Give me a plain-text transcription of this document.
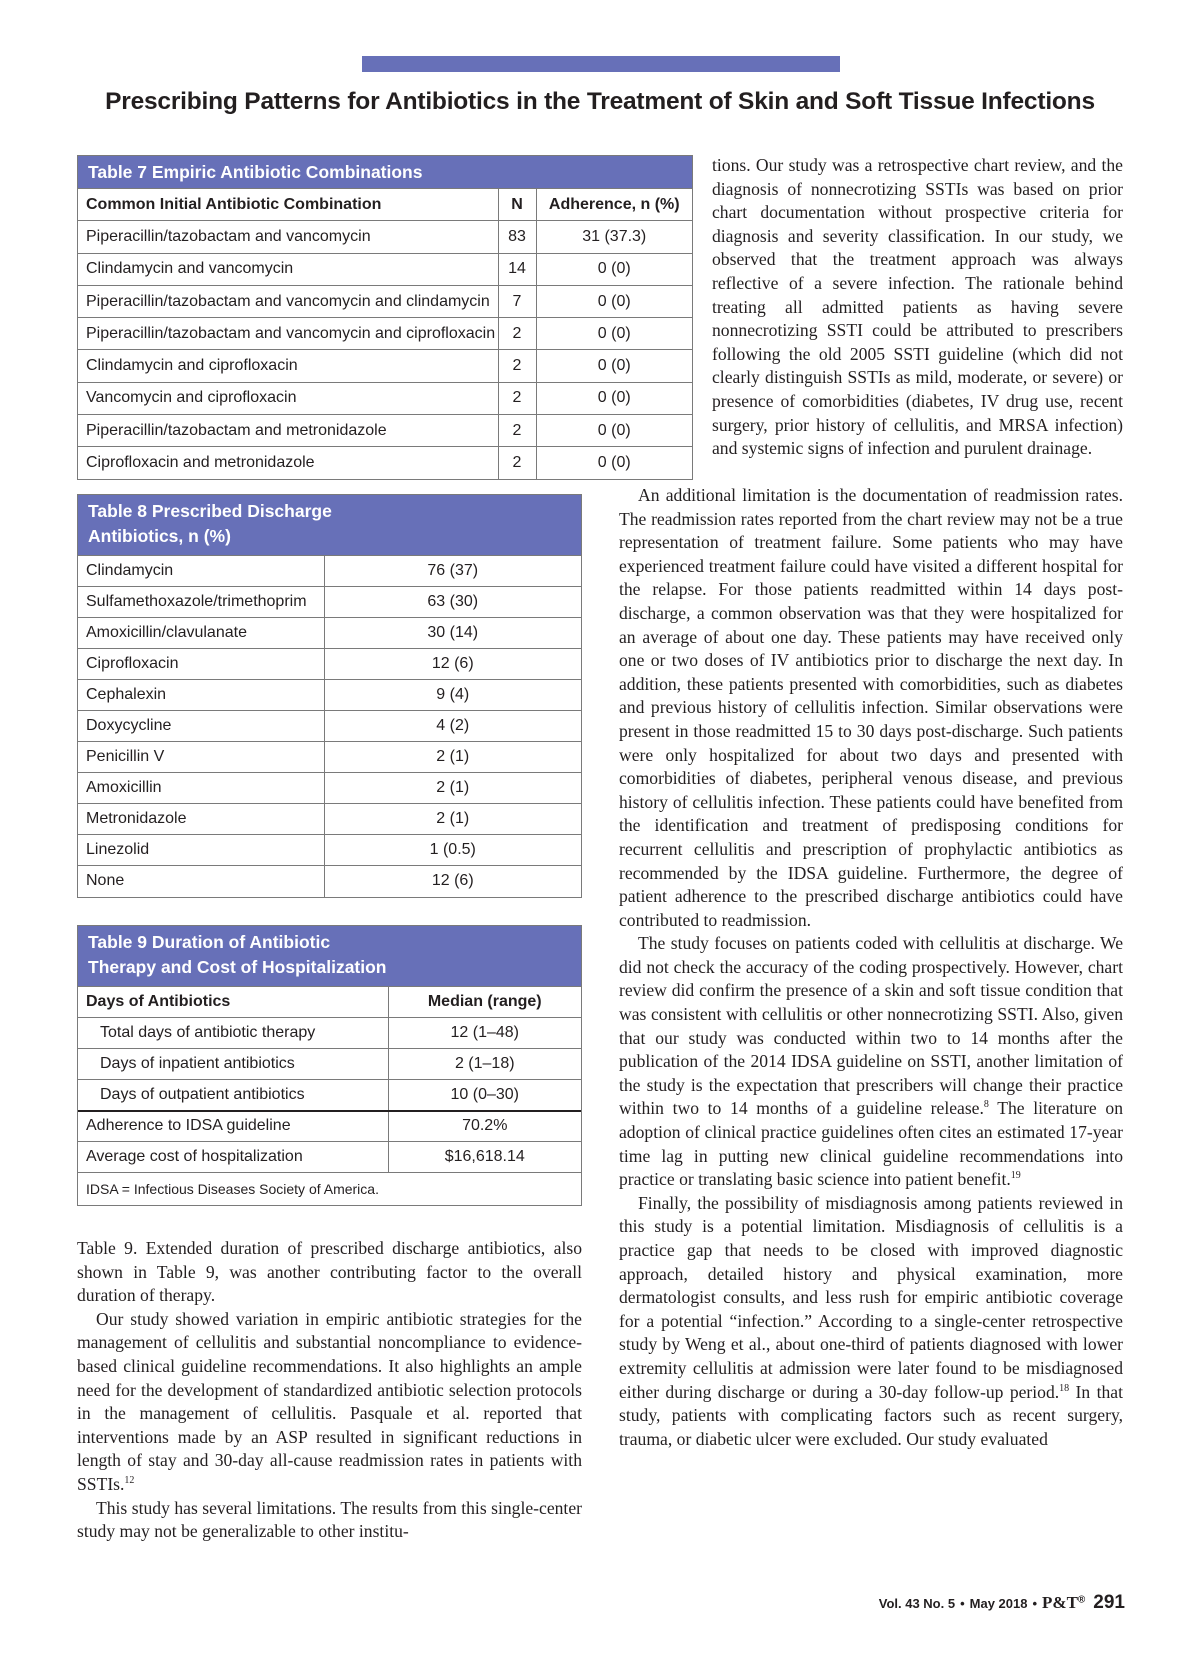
Prescribing Patterns for Antibiotics in the Treatment of Skin and Soft Tissue Infections
Table 7 Empiric Antibiotic Combinations
Common Initial Antibiotic Combination	N	Adherence, n (%)
Piperacillin/tazobactam and vancomycin	83	31 (37.3)
Clindamycin and vancomycin	14	0 (0)
Piperacillin/tazobactam and vancomycin and clindamycin	7	0 (0)
Piperacillin/tazobactam and vancomycin and ciprofloxacin	2	0 (0)
Clindamycin and ciprofloxacin	2	0 (0)
Vancomycin and ciprofloxacin	2	0 (0)
Piperacillin/tazobactam and metronidazole	2	0 (0)
Ciprofloxacin and metronidazole	2	0 (0)
Table 8 Prescribed Discharge
Antibiotics, n (%)
Clindamycin	76 (37)
Sulfamethoxazole/trimethoprim	63 (30)
Amoxicillin/clavulanate	30 (14)
Ciprofloxacin	12 (6)
Cephalexin	9 (4)
Doxycycline	4 (2)
Penicillin V	2 (1)
Amoxicillin	2 (1)
Metronidazole	2 (1)
Linezolid	1 (0.5)
None	12 (6)
Table 9 Duration of Antibiotic
Therapy and Cost of Hospitalization
Days of Antibiotics	Median (range)
Total days of antibiotic therapy	12 (1–48)
Days of inpatient antibiotics	2 (1–18)
Days of outpatient antibiotics	10 (0–30)
Adherence to IDSA guideline	70.2%
Average cost of hospitalization	$16,618.14
IDSA = Infectious Diseases Society of America.	

tions. Our study was a retrospective chart review, and the diagnosis of nonnecrotizing SSTIs was based on prior chart documentation without prospective criteria for diagnosis and severity classification. In our study, we observed that the treatment approach was always reflective of a severe infection. The rationale behind treating all admitted patients as having severe nonnecrotizing SSTI could be attributed to prescribers following the old 2005 SSTI guideline (which did not clearly distinguish SSTIs as mild, moderate, or severe) or presence of comorbidities (diabetes, IV drug use, recent surgery, prior history of cellulitis, and MRSA infection) and systemic signs of infection and purulent drainage.

An additional limitation is the documentation of readmission rates. The readmission rates reported from the chart review may not be a true representation of treatment failure. Some patients who may have experienced treatment failure could have visited a different hospital for the relapse. For those patients readmitted within 14 days post-discharge, a common observation was that they were hospitalized for an average of about one day. These patients may have received only one or two doses of IV antibiotics prior to discharge the next day. In addition, these patients presented with comorbidities, such as diabetes and previous history of cellulitis infection. Similar observations were present in those readmitted 15 to 30 days post-discharge. Such patients were only hospitalized for about two days and presented with comorbidities of diabetes, peripheral venous disease, and previous history of cellulitis infection. These patients could have benefited from the identification and treatment of predisposing conditions for recurrent cellulitis and prescription of prophylactic antibiotics as recommended by the IDSA guideline. Furthermore, the degree of patient adherence to the prescribed discharge antibiotics could have contributed to readmission.

The study focuses on patients coded with cellulitis at discharge. We did not check the accuracy of the coding prospectively. However, chart review did confirm the presence of a skin and soft tissue condition that was consistent with cellulitis or other nonnecrotizing SSTI. Also, given that our study was conducted within two to 14 months after the publication of the 2014 IDSA guideline on SSTI, another limitation of the study is the expectation that prescribers will change their practice within two to 14 months of a guideline release.$^8$ The literature on adoption of clinical practice guidelines often cites an estimated 17-year time lag in putting new clinical guideline recommendations into practice or translating basic science into patient benefit.$^{19}$

Finally, the possibility of misdiagnosis among patients reviewed in this study is a potential limitation. Misdiagnosis of cellulitis is a practice gap that needs to be closed with improved diagnostic approach, detailed history and physical examination, more dermatologist consults, and less rush for empiric antibiotic coverage for a potential “infection.” According to a single-center retrospective study by Weng et al., about one-third of patients diagnosed with lower extremity cellulitis at admission were later found to be misdiagnosed either during discharge or during a 30-day follow-up period.$^{18}$ In that study, patients with complicating factors such as recent surgery, trauma, or diabetic ulcer were excluded. Our study evaluated

Table 9. Extended duration of prescribed discharge antibiotics, also shown in Table 9, was another contributing factor to the overall duration of therapy.

Our study showed variation in empiric antibiotic strategies for the management of cellulitis and substantial noncompliance to evidence-based clinical guideline recommendations. It also highlights an ample need for the development of standardized antibiotic selection protocols in the management of cellulitis. Pasquale et al. reported that interventions made by an ASP resulted in significant reductions in length of stay and 30-day all-cause readmission rates in patients with SSTIs.$^{12}$

This study has several limitations. The results from this single-center study may not be generalizable to other institu-

Vol. 43 No. 5 • May 2018 • P&T® 291
